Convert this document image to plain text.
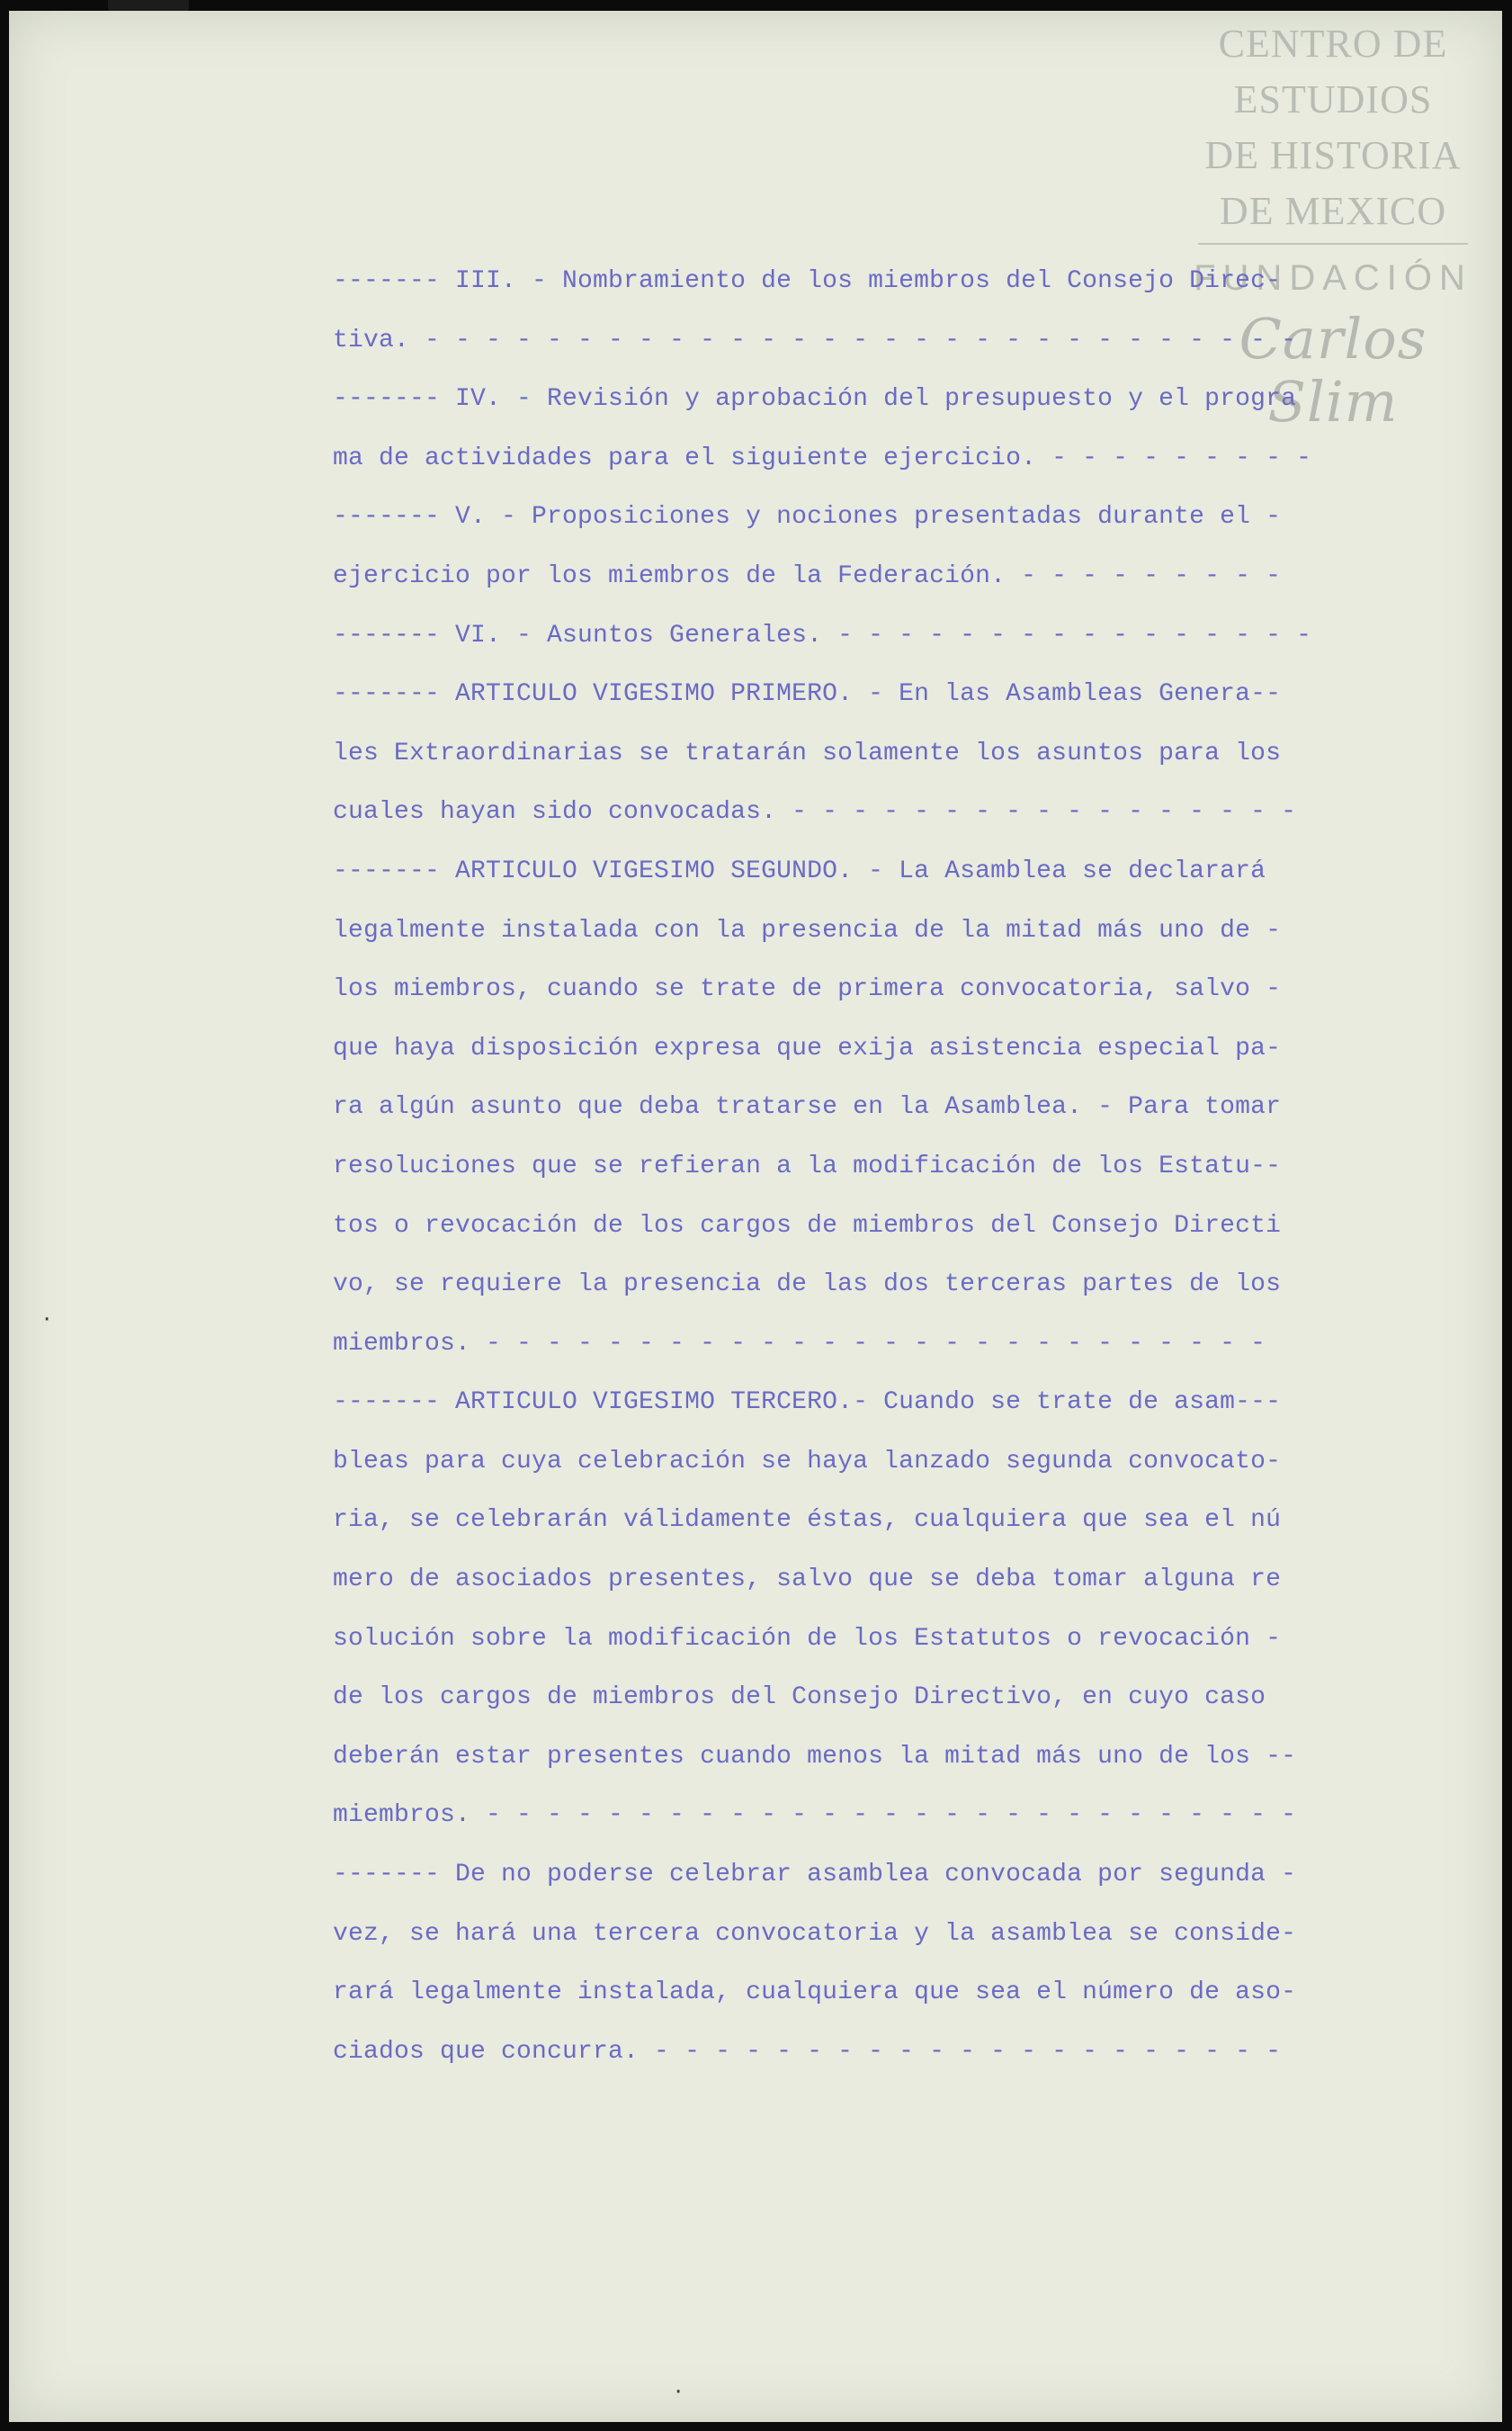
CENTRO DE
ESTUDIOS
DE HISTORIA
DE MEXICO
FUNDACIÓN
Carlos Slim
------- III. - Nombramiento de los miembros del Consejo Direc-
tiva. - - - - - - - - - - - - - - - - - - - - - - - - - - - - -
------- IV. - Revisión y aprobación del presupuesto y el progra
ma de actividades para el siguiente ejercicio. - - - - - - - - -
------- V. - Proposiciones y nociones presentadas durante el -
ejercicio por los miembros de la Federación. - - - - - - - - -
------- VI. - Asuntos Generales. - - - - - - - - - - - - - - - -
------- ARTICULO VIGESIMO PRIMERO. - En las Asambleas Genera--
les Extraordinarias se tratarán solamente los asuntos para los
cuales hayan sido convocadas. - - - - - - - - - - - - - - - - -
------- ARTICULO VIGESIMO SEGUNDO. - La Asamblea se declarará
legalmente instalada con la presencia de la mitad más uno de -
los miembros, cuando se trate de primera convocatoria, salvo -
que haya disposición expresa que exija asistencia especial pa-
ra algún asunto que deba tratarse en la Asamblea. - Para tomar
resoluciones que se refieran a la modificación de los Estatu--
tos o revocación de los cargos de miembros del Consejo Directi
vo, se requiere la presencia de las dos terceras partes de los
miembros. - - - - - - - - - - - - - - - - - - - - - - - - - -
------- ARTICULO VIGESIMO TERCERO.- Cuando se trate de asam---
bleas para cuya celebración se haya lanzado segunda convocato-
ria, se celebrarán válidamente éstas, cualquiera que sea el nú
mero de asociados presentes, salvo que se deba tomar alguna re
solución sobre la modificación de los Estatutos o revocación -
de los cargos de miembros del Consejo Directivo, en cuyo caso
deberán estar presentes cuando menos la mitad más uno de los --
miembros. - - - - - - - - - - - - - - - - - - - - - - - - - - -
------- De no poderse celebrar asamblea convocada por segunda -
vez, se hará una tercera convocatoria y la asamblea se conside-
rará legalmente instalada, cualquiera que sea el número de aso-
ciados que concurra. - - - - - - - - - - - - - - - - - - - - -
·
·
